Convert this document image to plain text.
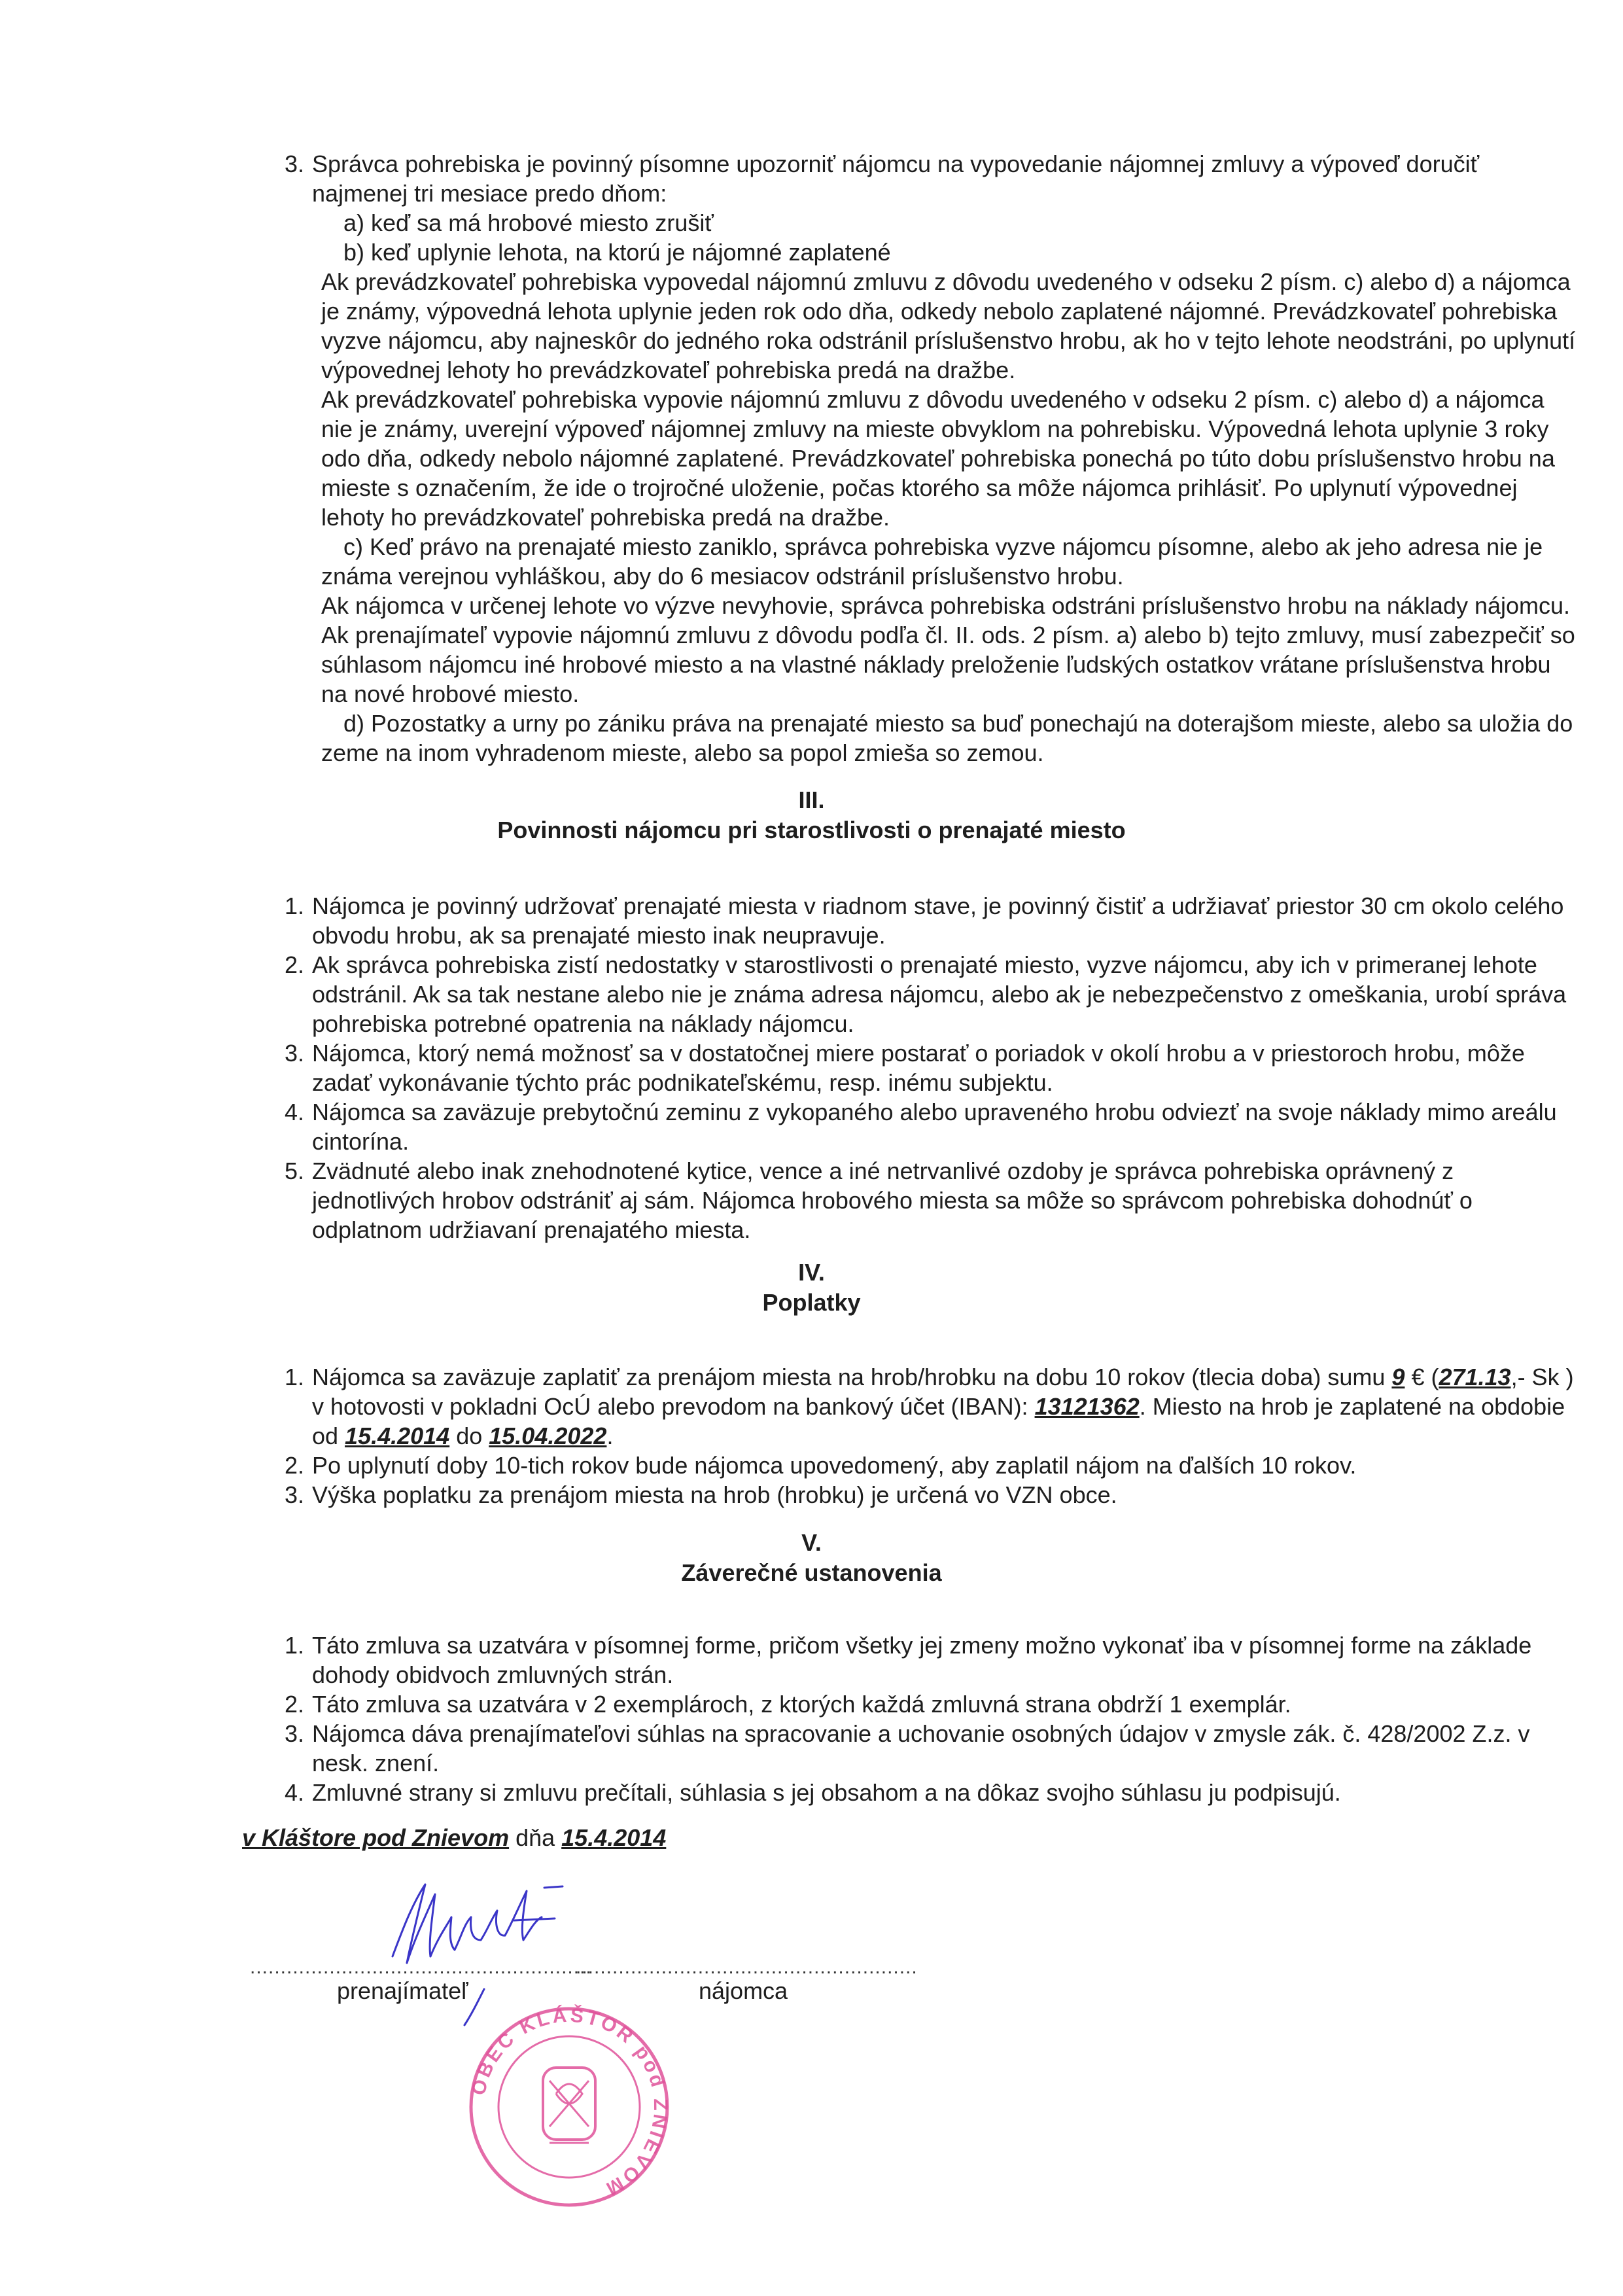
3. Správca pohrebiska je povinný písomne upozorniť nájomcu na vypovedanie nájomnej zmluvy a výpoveď doručiť najmenej tri mesiace predo dňom:

a) keď sa má hrobové miesto zrušiť

b) keď uplynie lehota, na ktorú je nájomné zaplatené

Ak prevádzkovateľ pohrebiska vypovedal nájomnú zmluvu z dôvodu uvedeného v odseku 2 písm. c) alebo d) a nájomca je známy, výpovedná lehota uplynie jeden rok odo dňa, odkedy nebolo zaplatené nájomné. Prevádzkovateľ pohrebiska vyzve nájomcu, aby najneskôr do jedného roka odstránil príslušenstvo hrobu, ak ho v tejto lehote neodstráni, po uplynutí výpovednej lehoty ho prevádzkovateľ pohrebiska predá na dražbe.

Ak prevádzkovateľ pohrebiska vypovie nájomnú zmluvu z dôvodu uvedeného v odseku 2 písm. c) alebo d) a nájomca nie je známy, uverejní výpoveď nájomnej zmluvy na mieste obvyklom na pohrebisku. Výpovedná lehota uplynie 3 roky odo dňa, odkedy nebolo nájomné zaplatené. Prevádzkovateľ pohrebiska ponechá po túto dobu príslušenstvo hrobu na mieste s označením, že ide o trojročné uloženie, počas ktorého sa môže nájomca prihlásiť. Po uplynutí výpovednej lehoty ho prevádzkovateľ pohrebiska predá na dražbe.

c) Keď právo na prenajaté miesto zaniklo, správca pohrebiska vyzve nájomcu písomne, alebo ak jeho adresa nie je známa verejnou vyhláškou, aby do 6 mesiacov odstránil príslušenstvo hrobu.

Ak nájomca v určenej lehote vo výzve nevyhovie, správca pohrebiska odstráni príslušenstvo hrobu na náklady nájomcu.

Ak prenajímateľ vypovie nájomnú zmluvu z dôvodu podľa čl. II. ods. 2 písm. a) alebo b) tejto zmluvy, musí zabezpečiť so súhlasom nájomcu iné hrobové miesto a na vlastné náklady preloženie ľudských ostatkov vrátane príslušenstva hrobu na nové hrobové miesto.

d) Pozostatky a urny po zániku práva na prenajaté miesto sa buď ponechajú na doterajšom mieste, alebo sa uložia do zeme na inom vyhradenom mieste, alebo sa popol zmieša so zemou.

III.
Povinnosti nájomcu pri starostlivosti o prenajaté miesto
1. Nájomca je povinný udržovať prenajaté miesta v riadnom stave, je povinný čistiť a udržiavať priestor 30 cm okolo celého obvodu hrobu, ak sa prenajaté miesto inak neupravuje.
2. Ak správca pohrebiska zistí nedostatky v starostlivosti o prenajaté miesto, vyzve nájomcu, aby ich v primeranej lehote odstránil. Ak sa tak nestane alebo nie je známa adresa nájomcu, alebo ak je nebezpečenstvo z omeškania, urobí správa pohrebiska potrebné opatrenia na náklady nájomcu.
3. Nájomca, ktorý nemá možnosť sa v dostatočnej miere postarať o poriadok v okolí hrobu a v priestoroch hrobu, môže zadať vykonávanie týchto prác podnikateľskému, resp. inému subjektu.
4. Nájomca sa zaväzuje prebytočnú zeminu z vykopaného alebo upraveného hrobu odviezť na svoje náklady mimo areálu cintorína.
5. Zvädnuté alebo inak znehodnotené kytice, vence a iné netrvanlivé ozdoby je správca pohrebiska oprávnený z jednotlivých hrobov odstrániť aj sám. Nájomca hrobového miesta sa môže so správcom pohrebiska dohodnúť o odplatnom udržiavaní prenajatého miesta.
IV.
Poplatky
1. Nájomca sa zaväzuje zaplatiť za prenájom miesta na hrob/hrobku na dobu 10 rokov (tlecia doba) sumu 9 € (271.13,- Sk ) v hotovosti v pokladni OcÚ alebo prevodom na bankový účet (IBAN): 13121362. Miesto na hrob je zaplatené na obdobie od 15.4.2014 do 15.04.2022.
2. Po uplynutí doby 10-tich rokov bude nájomca upovedomený, aby zaplatil nájom na ďalších 10 rokov.
3. Výška poplatku za prenájom miesta na hrob (hrobku) je určená vo VZN obce.
V.
Záverečné ustanovenia
1. Táto zmluva sa uzatvára v písomnej forme, pričom všetky jej zmeny možno vykonať iba v písomnej forme na základe dohody obidvoch zmluvných strán.
2. Táto zmluva sa uzatvára v 2 exemplároch, z ktorých každá zmluvná strana obdrží 1 exemplár.
3. Nájomca dáva prenajímateľovi súhlas na spracovanie a uchovanie osobných údajov v zmysle zák. č. 428/2002 Z.z. v nesk. znení.
4. Zmluvné strany si zmluvu prečítali, súhlasia s jej obsahom a na dôkaz svojho súhlasu ju podpisujú.
v Kláštore pod Znievom dňa 15.4.2014
........................................................
........................................................
prenajímateľ	nájomca
OBEC KLÁŠTOR pod ZNIEVOM
